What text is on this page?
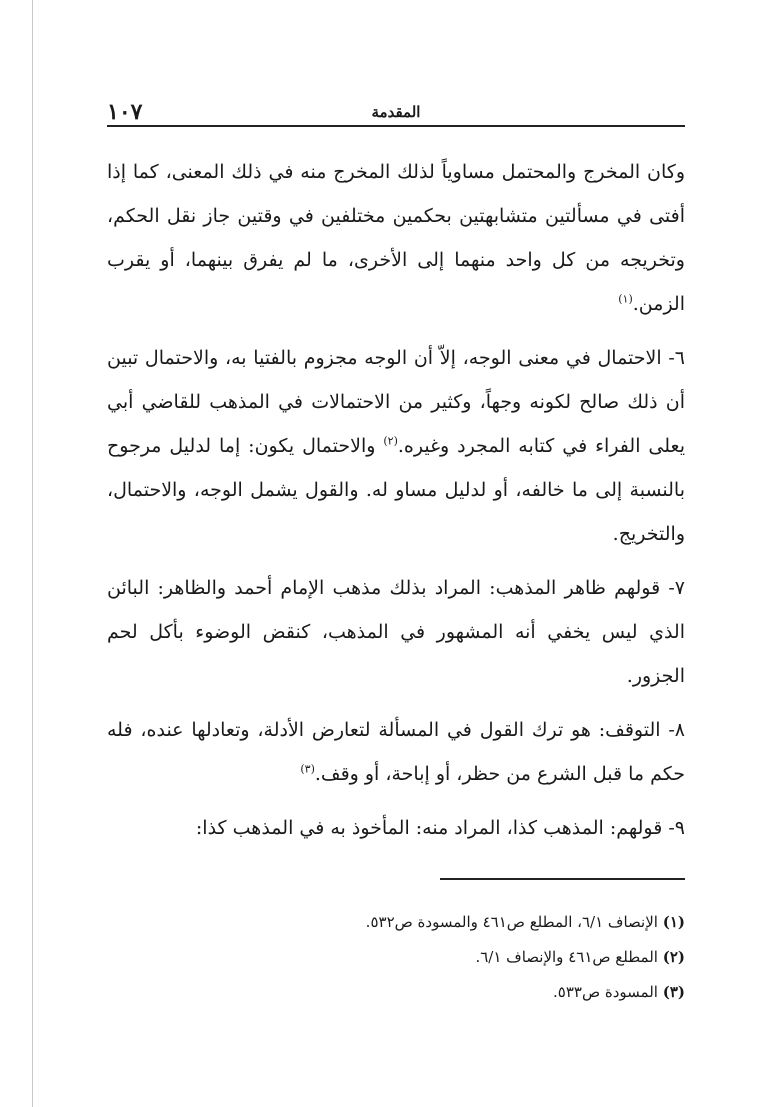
١٠٧	المقدمة

وكان المخرج والمحتمل مساوياً لذلك المخرج منه في ذلك المعنى، كما إذا أفتى في مسألتين متشابهتين بحكمين مختلفين في وقتين جاز نقل الحكم، وتخريجه من كل واحد منهما إلى الأخرى، ما لم يفرق بينهما، أو يقرب الزمن.$^{(١)}$

٦- الاحتمال في معنى الوجه، إلاّ أن الوجه مجزوم بالفتيا به، والاحتمال تبين أن ذلك صالح لكونه وجهاً، وكثير من الاحتمالات في المذهب للقاضي أبي يعلى الفراء في كتابه المجرد وغيره.$^{(٢)}$ والاحتمال يكون: إما لدليل مرجوح بالنسبة إلى ما خالفه، أو لدليل مساو له. والقول يشمل الوجه، والاحتمال، والتخريج.

٧- قولهم ظاهر المذهب: المراد بذلك مذهب الإمام أحمد والظاهر: البائن الذي ليس يخفي أنه المشهور في المذهب، كنقض الوضوء بأكل لحم الجزور.

٨- التوقف: هو ترك القول في المسألة لتعارض الأدلة، وتعادلها عنده، فله حكم ما قبل الشرع من حظر، أو إباحة، أو وقف.$^{(٣)}$

٩- قولهم: المذهب كذا، المراد منه: المأخوذ به في المذهب كذا:

(١) الإنصاف ٦/١، المطلع ص٤٦١ والمسودة ص٥٣٢.

(٢) المطلع ص٤٦١ والإنصاف ٦/١.

(٣) المسودة ص٥٣٣.
